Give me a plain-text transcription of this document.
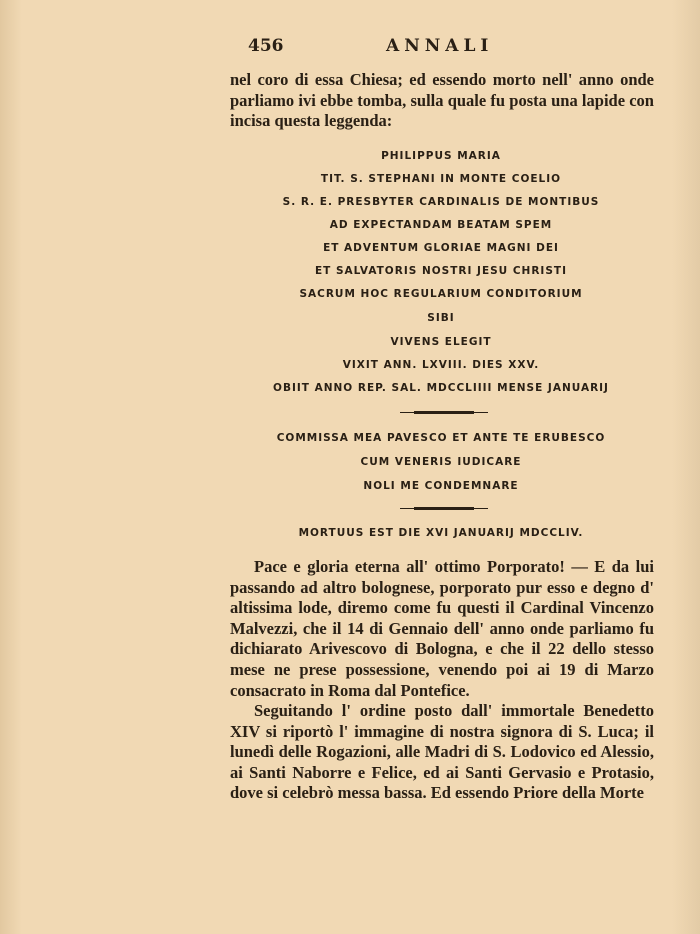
456	ANNALI

nel coro di essa Chiesa; ed essendo morto nell' anno onde parliamo ivi ebbe tomba, sulla quale fu posta una lapide con incisa questa leggenda:

PHILIPPUS MARIA
TIT. S. STEPHANI IN MONTE COELIO
S. R. E. PRESBYTER CARDINALIS DE MONTIBUS
AD EXPECTANDAM BEATAM SPEM
ET ADVENTUM GLORIAE MAGNI DEI
ET SALVATORIS NOSTRI JESU CHRISTI
SACRUM HOC REGULARIUM CONDITORIUM
SIBI
VIVENS ELEGIT
VIXIT ANN. LXVIII. DIES XXV.
OBIIT ANNO REP. SAL. MDCCLIIII MENSE JANUARIJ
COMMISSA MEA PAVESCO ET ANTE TE ERUBESCO
CUM VENERIS IUDICARE
NOLI ME CONDEMNARE
MORTUUS EST DIE XVI JANUARIJ MDCCLIV.

Pace e gloria eterna all' ottimo Porporato! — E da lui passando ad altro bolognese, porporato pur esso e degno d' altissima lode, diremo come fu questi il Cardinal Vincenzo Malvezzi, che il 14 di Gennaio dell' anno onde parliamo fu dichiarato Arivescovo di Bologna, e che il 22 dello stesso mese ne prese possessione, venendo poi ai 19 di Marzo consacrato in Roma dal Pontefice.

Seguitando l' ordine posto dall' immortale Benedetto XIV si riportò l' immagine di nostra signora di S. Luca; il lunedì delle Rogazioni, alle Madri di S. Lodovico ed Alessio, ai Santi Naborre e Felice, ed ai Santi Gervasio e Protasio, dove si celebrò messa bassa. Ed essendo Priore della Morte
